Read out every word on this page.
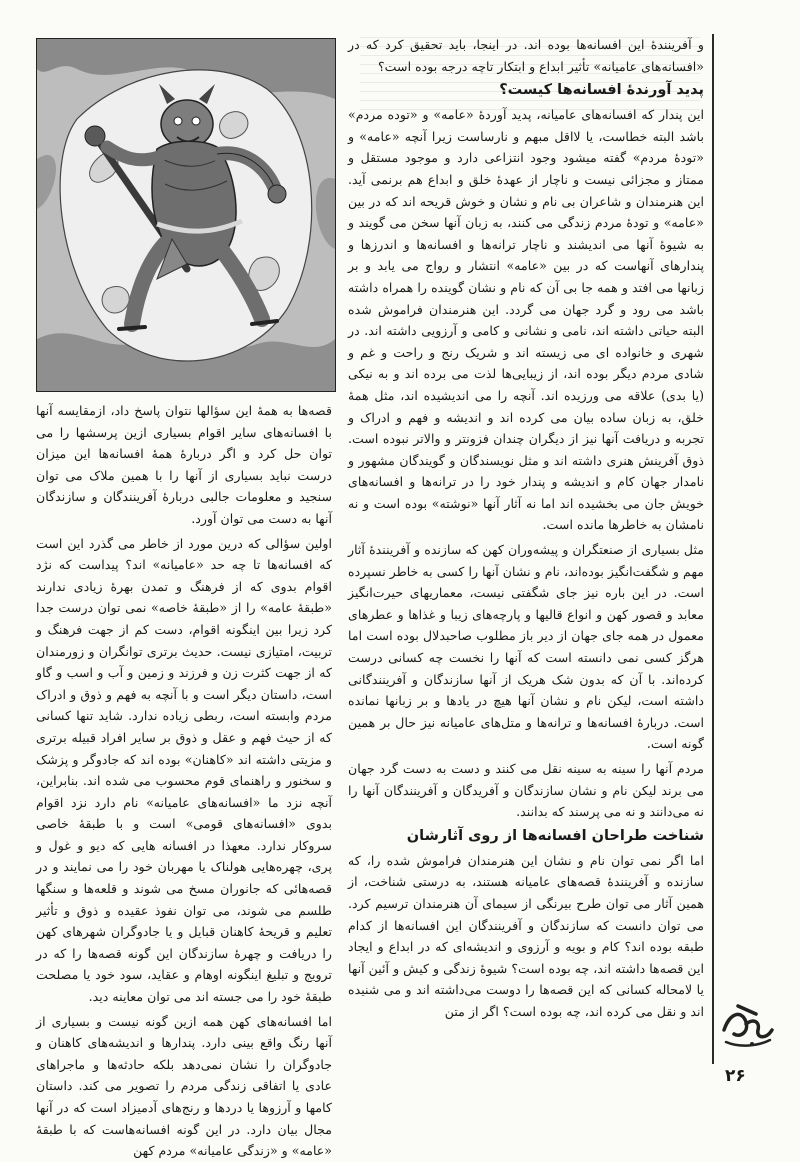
و آفرینندهٔ این افسانه‌ها بوده اند. در اینجا، باید تحقیق کرد که در «افسانه‌های عامیانه» تأثیر ابداع و ابتکار تاچه درجه بوده است؟

پدید آورندهٔ افسانه‌ها کیست؟

این پندار که افسانه‌های عامیانه، پدید آوردهٔ «عامه» و «توده مردم» باشد البته خطاست، یا لااقل مبهم و نارساست زیرا آنچه «عامه» و «تودهٔ مردم» گفته میشود وجود انتزاعی دارد و موجود مستقل و ممتاز و مجزائی نیست و ناچار از عهدهٔ خلق و ابداع هم برنمی آید. این هنرمندان و شاعران بی نام و نشان و خوش قریحه اند که در بین «عامه» و تودهٔ مردم زندگی می کنند، به زبان آنها سخن می گویند و به شیوهٔ آنها می اندیشند و ناچار ترانه‌ها و افسانه‌ها و اندرزها و پندارهای آنهاست که در بین «عامه» انتشار و رواج می یابد و بر زبانها می افتد و همه جا بی آن که نام و نشان گوینده را همراه داشته باشد می رود و گرد جهان می گردد. این هنرمندان فراموش شده البته حیاتی داشته اند، نامی و نشانی و کامی و آرزویی داشته اند. در شهری و خانواده ای می زیسته اند و شریک رنج و راحت و غم و شادی مردم دیگر بوده اند، از زیبایی‌ها لذت می برده اند و به نیکی (یا بدی) علاقه می ورزیده اند. آنچه را می اندیشیده اند، مثل همهٔ خلق، به زبان ساده بیان می کرده اند و اندیشه و فهم و ادراک و تجربه و دریافت آنها نیز از دیگران چندان فزونتر و والاتر نبوده است. ذوق آفرینش هنری داشته اند و مثل نویسندگان و گویندگان مشهور و نامدار جهان کام و اندیشه و پندار خود را در ترانه‌ها و افسانه‌های خویش جان می بخشیده اند اما نه آثار آنها «نوشته» بوده است و نه نامشان به خاطرها مانده است.

مثل بسیاری از صنعتگران و پیشه‌وران کهن که سازنده و آفرینندهٔ آثار مهم و شگفت‌انگیز بوده‌اند، نام و نشان آنها را کسی به خاطر نسپرده است. در این باره نیز جای شگفتی نیست، معماریهای حیرت‌انگیز معابد و قصور کهن و انواع قالیها و پارچه‌های زیبا و غذاها و عطرهای معمول در همه جای جهان از دیر باز مطلوب صاحبدلال بوده است اما هرگز کسی نمی دانسته است که آنها را نخست چه کسانی درست کرده‌اند. با آن که بدون شک هریک از آنها سازندگان و آفرینندگانی داشته است، لیکن نام و نشان آنها هیچ در یادها و بر زبانها نمانده است. دربارهٔ افسانه‌ها و ترانه‌ها و متل‌های عامیانه نیز حال بر همین گونه است.

مردم آنها را سینه به سینه نقل می کنند و دست به دست گرد جهان می برند لیکن نام و نشان سازندگان و آفریدگان و آفرینندگان آنها را نه می‌دانند و نه می پرسند که بدانند.

شناخت طراحان افسانه‌ها از روی آثارشان

اما اگر نمی توان نام و نشان این هنرمندان فراموش شده را، که سازنده و آفرینندهٔ قصه‌های عامیانه هستند، به درستی شناخت، از همین آثار می توان طرح بیرنگی از سیمای آن هنرمندان ترسیم کرد. می توان دانست که سازندگان و آفرینندگان این افسانه‌ها از کدام طبقه بوده اند؟ کام و بویه و آرزوی و اندیشه‌ای که در ابداع و ایجاد این قصه‌ها داشته اند، چه بوده است؟ شیوهٔ زندگی و کیش و آئین آنها یا لامحاله کسانی که این قصه‌ها را دوست می‌داشته اند و می شنیده اند و نقل می کرده اند، چه بوده است؟ اگر از متن

قصه‌ها به همهٔ این سؤالها نتوان پاسخ داد، ازمقایسه آنها با افسانه‌های سایر اقوام بسیاری ازین پرسشها را می توان حل کرد و اگر دربارهٔ همهٔ افسانه‌ها این میزان درست نباید بسیاری از آنها را با همین ملاک می توان سنجید و معلومات جالبی دربارهٔ آفرینندگان و سازندگان آنها به دست می توان آورد.

اولین سؤالی که درین مورد از خاطر می گذرد این است که افسانه‌ها تا چه حد «عامیانه» اند؟ پیداست که نژد اقوام بدوی که از فرهنگ و تمدن بهرهٔ زیادی ندارند «طبقهٔ عامه» را از «طبقهٔ خاصه» نمی توان درست جدا کرد زیرا بین اینگونه اقوام، دست کم از جهت فرهنگ و تربیت، امتیازی نیست. حدیث برتری توانگران و زورمندان که از جهت کثرت زن و فرزند و زمین و آب و اسب و گاو است، داستان دیگر است و با آنچه به فهم و ذوق و ادراک مردم وابسته است، ربطی زیاده ندارد. شاید تنها کسانی که از حیث فهم و عقل و ذوق بر سایر افراد قبیله برتری و مزیتی داشته اند «کاهنان» بوده اند که جادوگر و پزشک و سخنور و راهنمای قوم محسوب می شده اند. بنابراین، آنچه نزد ما «افسانه‌های عامیانه» نام دارد نزد اقوام بدوی «افسانه‌های قومی» است و با طبقهٔ خاصی سروکار ندارد. معهذا در افسانه هایی که دیو و غول و پری، چهره‌هایی هولناک یا مهربان خود را می نمایند و در قصه‌هائی که جانوران مسخ می شوند و قلعه‌ها و سنگها طلسم می شوند، می توان نفوذ عقیده و ذوق و تأثیر تعلیم و قریحهٔ کاهنان قبایل و یا جادوگران شهرهای کهن را دریافت و چهرهٔ سازندگان این گونه قصه‌ها را که در ترویج و تبلیغ اینگونه اوهام و عقاید، سود خود یا مصلحت طبقهٔ خود را می جسته اند می توان معاینه دید.

اما افسانه‌های کهن همه ازین گونه نیست و بسیاری از آنها رنگ واقع بینی دارد. پندارها و اندیشه‌های کاهنان و جادوگران را نشان نمی‌دهد بلکه حادثه‌ها و ماجراهای عادی یا اتفاقی زندگی مردم را تصویر می کند. داستان کامها و آرزوها یا دردها و رنج‌های آدمیزاد است که در آنها مجال بیان دارد. در این گونه افسانه‌هاست که با طبقهٔ «عامه» و «زندگی عامیانه» مردم کهن

۲۶
